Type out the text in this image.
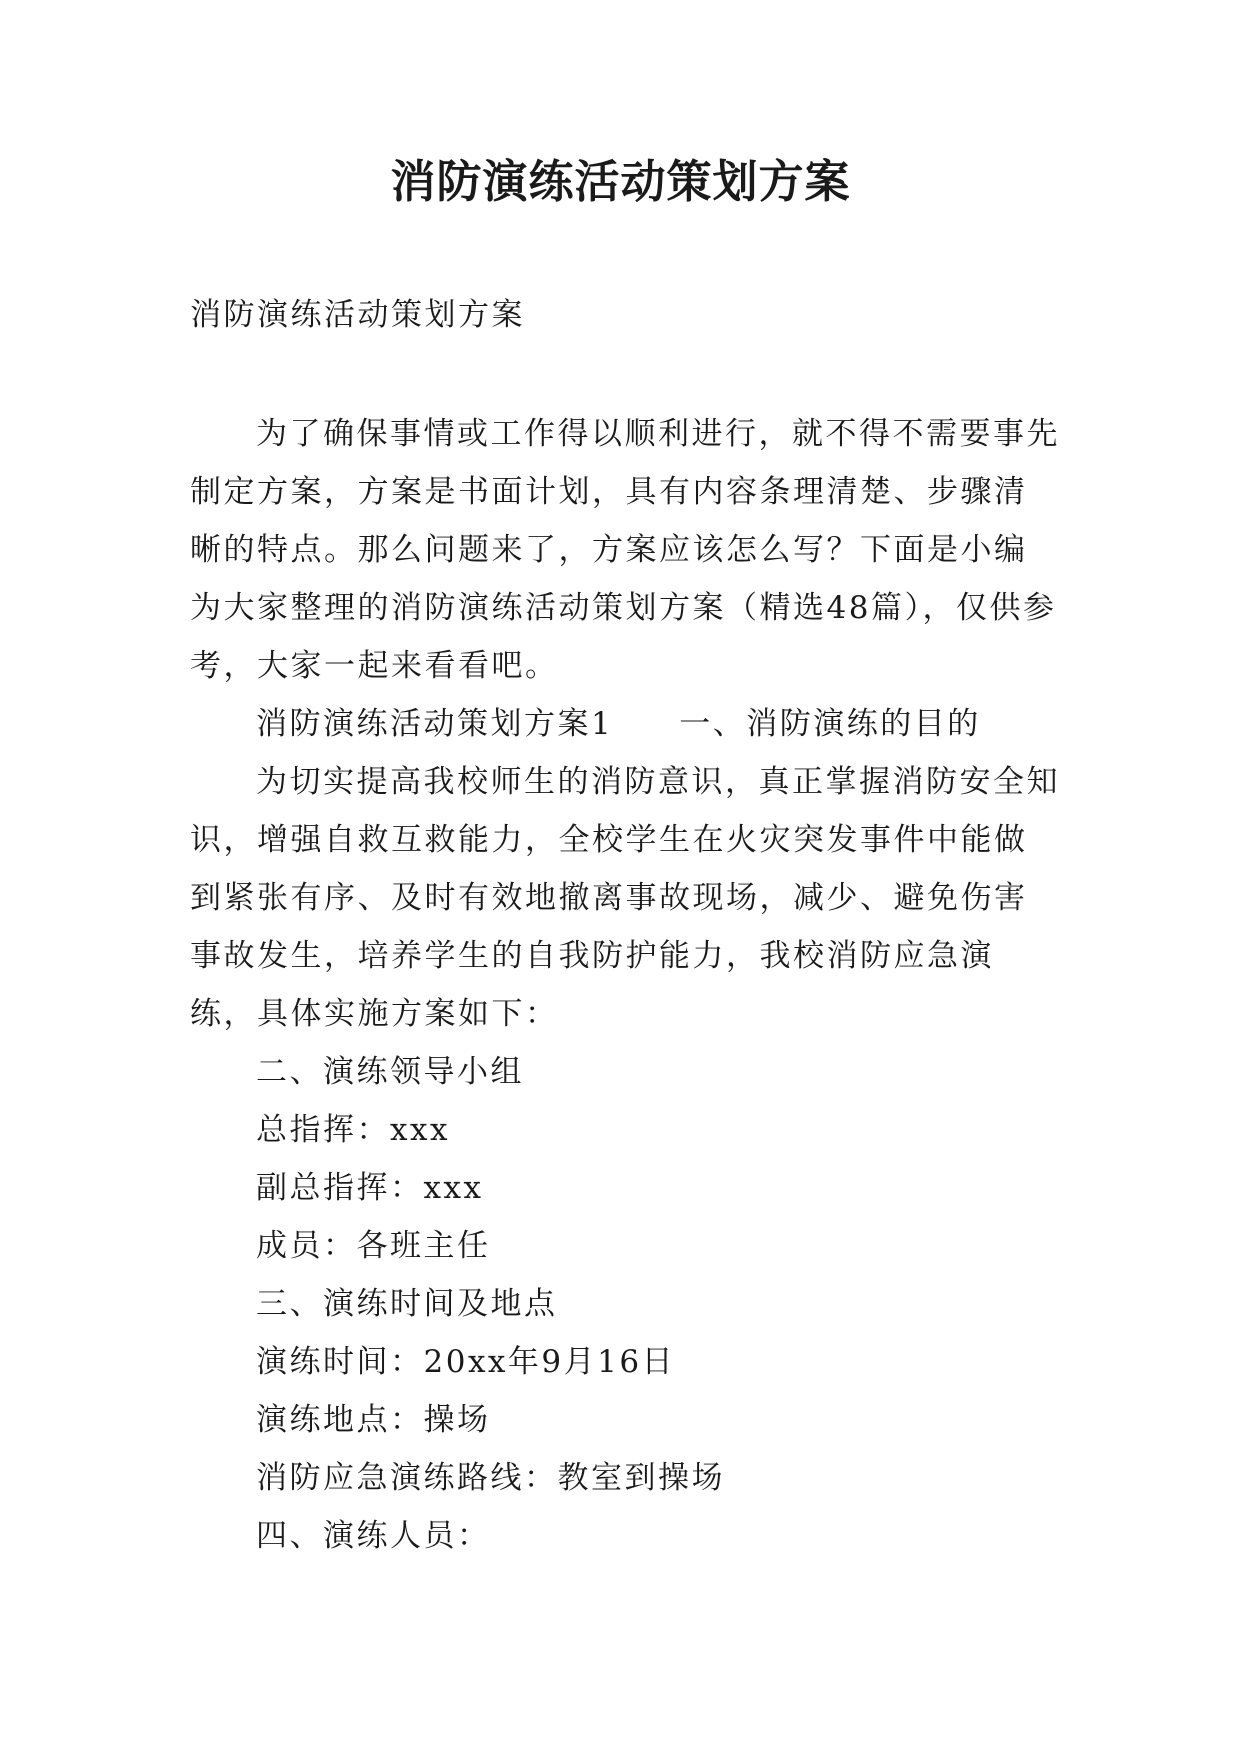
消防演练活动策划方案

消防演练活动策划方案

为了确保事情或工作得以顺利进行，就不得不需要事先制定方案，方案是书面计划，具有内容条理清楚、步骤清晰的特点。那么问题来了，方案应该怎么写？下面是小编为大家整理的消防演练活动策划方案（精选48篇），仅供参考，大家一起来看看吧。

消防演练活动策划方案1 一、消防演练的目的

为切实提高我校师生的消防意识，真正掌握消防安全知识，增强自救互救能力，全校学生在火灾突发事件中能做到紧张有序、及时有效地撤离事故现场，减少、避免伤害事故发生，培养学生的自我防护能力，我校消防应急演练，具体实施方案如下：

二、演练领导小组

总指挥：xxx

副总指挥：xxx

成员：各班主任

三、演练时间及地点

演练时间：20xx年9月16日

演练地点：操场

消防应急演练路线：教室到操场

四、演练人员：
